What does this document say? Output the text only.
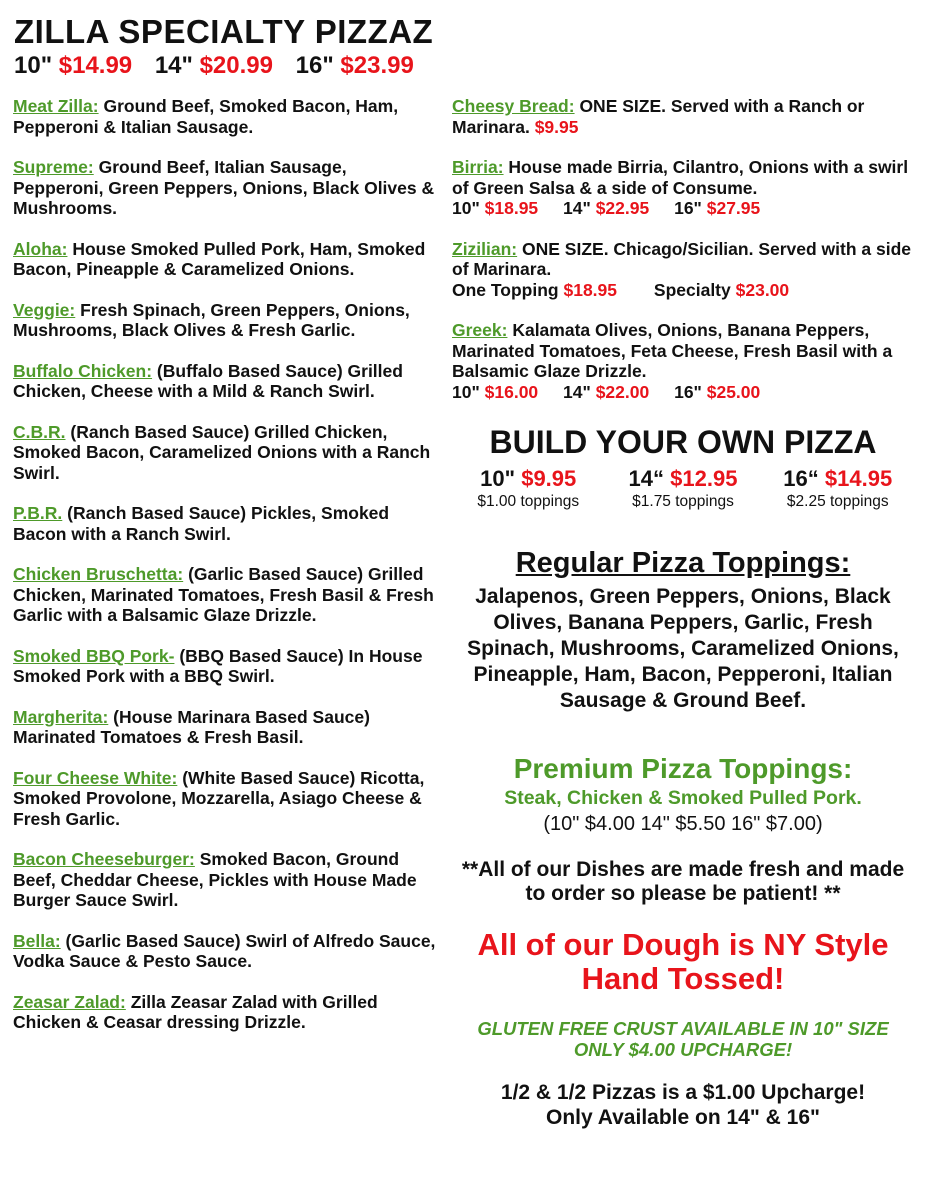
ZILLA SPECIALTY PIZZAZ
10" $14.99 14" $20.99 16" $23.99
Meat Zilla: Ground Beef, Smoked Bacon, Ham, Pepperoni & Italian Sausage.
Supreme: Ground Beef, Italian Sausage, Pepperoni, Green Peppers, Onions, Black Olives & Mushrooms.
Aloha: House Smoked Pulled Pork, Ham, Smoked Bacon, Pineapple & Caramelized Onions.
Veggie: Fresh Spinach, Green Peppers, Onions, Mushrooms, Black Olives & Fresh Garlic.
Buffalo Chicken: (Buffalo Based Sauce) Grilled Chicken, Cheese with a Mild & Ranch Swirl.
C.B.R. (Ranch Based Sauce) Grilled Chicken, Smoked Bacon, Caramelized Onions with a Ranch Swirl.
P.B.R. (Ranch Based Sauce) Pickles, Smoked Bacon with a Ranch Swirl.
Chicken Bruschetta: (Garlic Based Sauce) Grilled Chicken, Marinated Tomatoes, Fresh Basil & Fresh Garlic with a Balsamic Glaze Drizzle.
Smoked BBQ Pork- (BBQ Based Sauce) In House Smoked Pork with a BBQ Swirl.
Margherita: (House Marinara Based Sauce) Marinated Tomatoes & Fresh Basil.
Four Cheese White: (White Based Sauce) Ricotta, Smoked Provolone, Mozzarella, Asiago Cheese & Fresh Garlic.
Bacon Cheeseburger: Smoked Bacon, Ground Beef, Cheddar Cheese, Pickles with House Made Burger Sauce Swirl.
Bella: (Garlic Based Sauce) Swirl of Alfredo Sauce, Vodka Sauce & Pesto Sauce.
Zeasar Zalad: Zilla Zeasar Zalad with Grilled Chicken & Ceasar dressing Drizzle.
Cheesy Bread: ONE SIZE. Served with a Ranch or Marinara. $9.95
Birria: House made Birria, Cilantro, Onions with a swirl of Green Salsa & a side of Consume.
10" $18.95 14" $22.95 16" $27.95
Zizilian: ONE SIZE. Chicago/Sicilian. Served with a side of Marinara.
One Topping $18.95 Specialty $23.00
Greek: Kalamata Olives, Onions, Banana Peppers, Marinated Tomatoes, Feta Cheese, Fresh Basil with a Balsamic Glaze Drizzle.
10" $16.00 14" $22.00 16" $25.00
BUILD YOUR OWN PIZZA
10" $9.95
$1.00 toppings
14“ $12.95
$1.75 toppings
16“ $14.95
$2.25 toppings
Regular Pizza Toppings:
Jalapenos, Green Peppers, Onions, Black Olives, Banana Peppers, Garlic, Fresh Spinach, Mushrooms, Caramelized Onions, Pineapple, Ham, Bacon, Pepperoni, Italian Sausage & Ground Beef.
Premium Pizza Toppings:
Steak, Chicken & Smoked Pulled Pork.
(10" $4.00 14" $5.50 16" $7.00)
**All of our Dishes are made fresh and made to order so please be patient! **
All of our Dough is NY Style Hand Tossed!
GLUTEN FREE CRUST AVAILABLE IN 10" SIZE ONLY $4.00 UPCHARGE!
1/2 & 1/2 Pizzas is a $1.00 Upcharge!
Only Available on 14" & 16"
